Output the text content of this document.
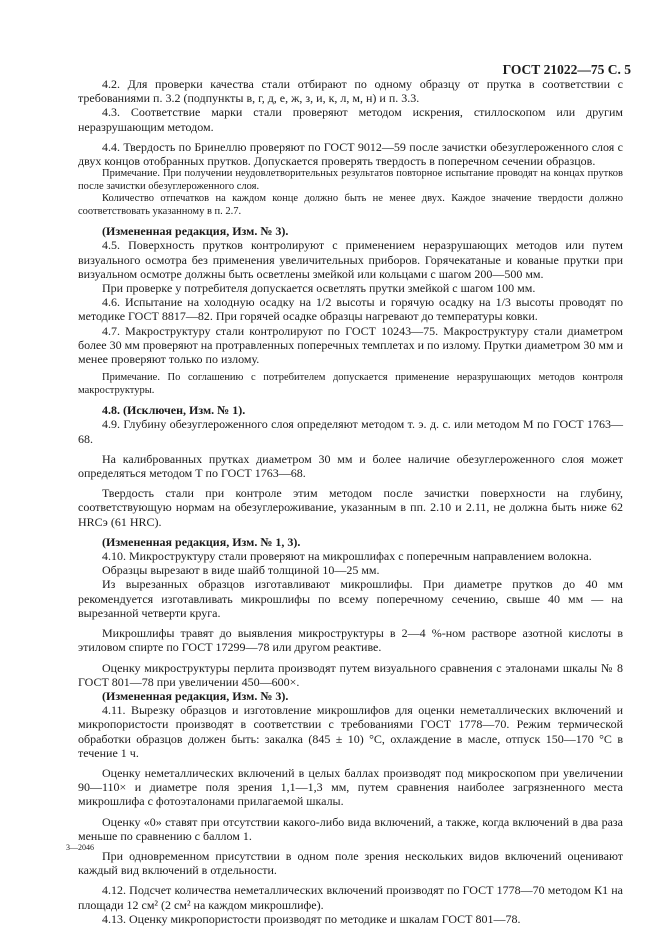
ГОСТ 21022—75 С. 5

4.2. Для проверки качества стали отбирают по одному образцу от прутка в соответствии с требованиями п. 3.2 (подпункты в, г, д, е, ж, з, и, к, л, м, н) и п. 3.3.

4.3. Соответствие марки стали проверяют методом искрения, стиллоскопом или другим неразрушающим методом.

4.4. Твердость по Бринеллю проверяют по ГОСТ 9012—59 после зачистки обезуглероженного слоя с двух концов отобранных прутков. Допускается проверять твердость в поперечном сечении образцов.

Примечание. При получении неудовлетворительных результатов повторное испытание проводят на концах прутков после зачистки обезуглероженного слоя.

Количество отпечатков на каждом конце должно быть не менее двух. Каждое значение твердости должно соответствовать указанному в п. 2.7.

(Измененная редакция, Изм. № 3).

4.5. Поверхность прутков контролируют с применением неразрушающих методов или путем визуального осмотра без применения увеличительных приборов. Горячекатаные и кованые прутки при визуальном осмотре должны быть осветлены змейкой или кольцами с шагом 200—500 мм.

При проверке у потребителя допускается осветлять прутки змейкой с шагом 100 мм.

4.6. Испытание на холодную осадку на 1/2 высоты и горячую осадку на 1/3 высоты проводят по методике ГОСТ 8817—82. При горячей осадке образцы нагревают до температуры ковки.

4.7. Макроструктуру стали контролируют по ГОСТ 10243—75. Макроструктуру стали диаметром более 30 мм проверяют на протравленных поперечных темплетах и по излому. Прутки диаметром 30 мм и менее проверяют только по излому.

Примечание. По соглашению с потребителем допускается применение неразрушающих методов контроля макроструктуры.

4.8. (Исключен, Изм. № 1).

4.9. Глубину обезуглероженного слоя определяют методом т. э. д. с. или методом М по ГОСТ 1763—68.

На калиброванных прутках диаметром 30 мм и более наличие обезуглероженного слоя может определяться методом Т по ГОСТ 1763—68.

Твердость стали при контроле этим методом после зачистки поверхности на глубину, соответствующую нормам на обезуглероживание, указанным в пп. 2.10 и 2.11, не должна быть ниже 62 HRCэ (61 HRC).

(Измененная редакция, Изм. № 1, 3).

4.10. Микроструктуру стали проверяют на микрошлифах с поперечным направлением волокна.

Образцы вырезают в виде шайб толщиной 10—25 мм.

Из вырезанных образцов изготавливают микрошлифы. При диаметре прутков до 40 мм рекомендуется изготавливать микрошлифы по всему поперечному сечению, свыше 40 мм — на вырезанной четверти круга.

Микрошлифы травят до выявления микроструктуры в 2—4 %-ном растворе азотной кислоты в этиловом спирте по ГОСТ 17299—78 или другом реактиве.

Оценку микроструктуры перлита производят путем визуального сравнения с эталонами шкалы № 8 ГОСТ 801—78 при увеличении 450—600×.

(Измененная редакция, Изм. № 3).

4.11. Вырезку образцов и изготовление микрошлифов для оценки неметаллических включений и микропористости производят в соответствии с требованиями ГОСТ 1778—70. Режим термической обработки образцов должен быть: закалка (845 ± 10) °С, охлаждение в масле, отпуск 150—170 °С в течение 1 ч.

Оценку неметаллических включений в целых баллах производят под микроскопом при увеличении 90—110× и диаметре поля зрения 1,1—1,3 мм, путем сравнения наиболее загрязненного места микрошлифа с фотоэталонами прилагаемой шкалы.

Оценку «0» ставят при отсутствии какого-либо вида включений, а также, когда включений в два раза меньше по сравнению с баллом 1.

При одновременном присутствии в одном поле зрения нескольких видов включений оценивают каждый вид включений в отдельности.

4.12. Подсчет количества неметаллических включений производят по ГОСТ 1778—70 методом К1 на площади 12 см² (2 см² на каждом микрошлифе).

4.13. Оценку микропористости производят по методике и шкалам ГОСТ 801—78.

3—2046
